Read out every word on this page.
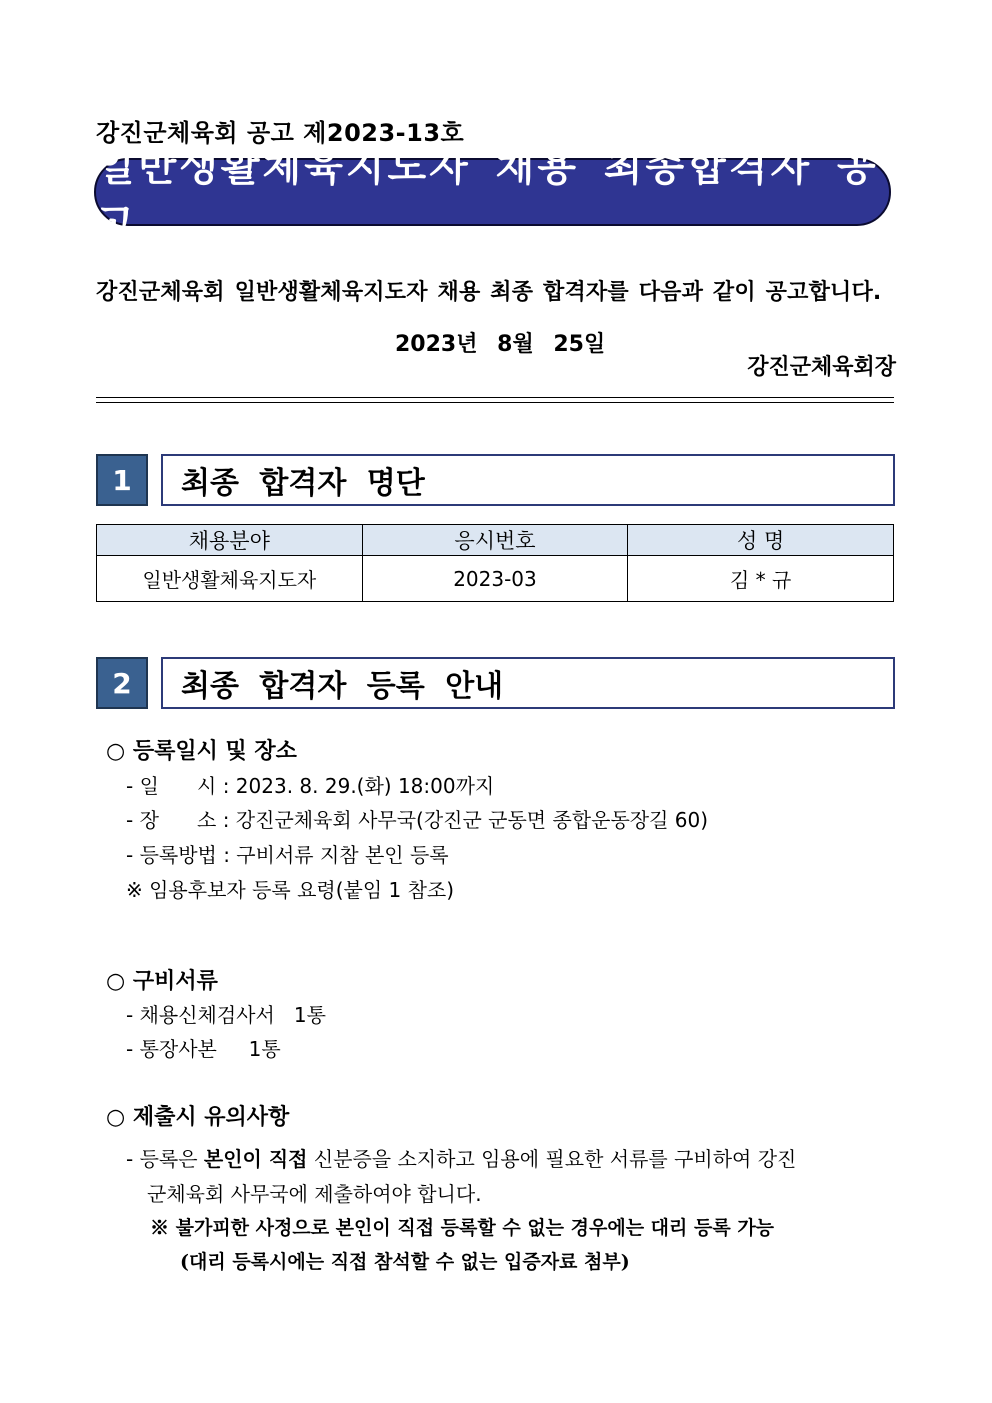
강진군체육회 공고 제2023-13호
일반생활체육지도자 채용 최종합격자 공고
강진군체육회 일반생활체육지도자 채용 최종 합격자를 다음과 같이 공고합니다.
2023년 8월 25일
강진군체육회장
1	최종 합격자 명단
채용분야	응시번호	성 명
일반생활체육지도자	2023-03	김 * 규
2	최종 합격자 등록 안내
○ 등록일시 및 장소
- 일      시 : 2023. 8. 29.(화) 18:00까지
- 장      소 : 강진군체육회 사무국(강진군 군동면 종합운동장길 60)
- 등록방법 : 구비서류 지참 본인 등록
※ 임용후보자 등록 요령(붙임 1 참조)
○ 구비서류
- 채용신체검사서   1통
- 통장사본     1통
○ 제출시 유의사항
- 등록은 본인이 직접 신분증을 소지하고 임용에 필요한 서류를 구비하여 강진
군체육회 사무국에 제출하여야 합니다.
※ 불가피한 사정으로 본인이 직접 등록할 수 없는 경우에는 대리 등록 가능
(대리 등록시에는 직접 참석할 수 없는 입증자료 첨부)
